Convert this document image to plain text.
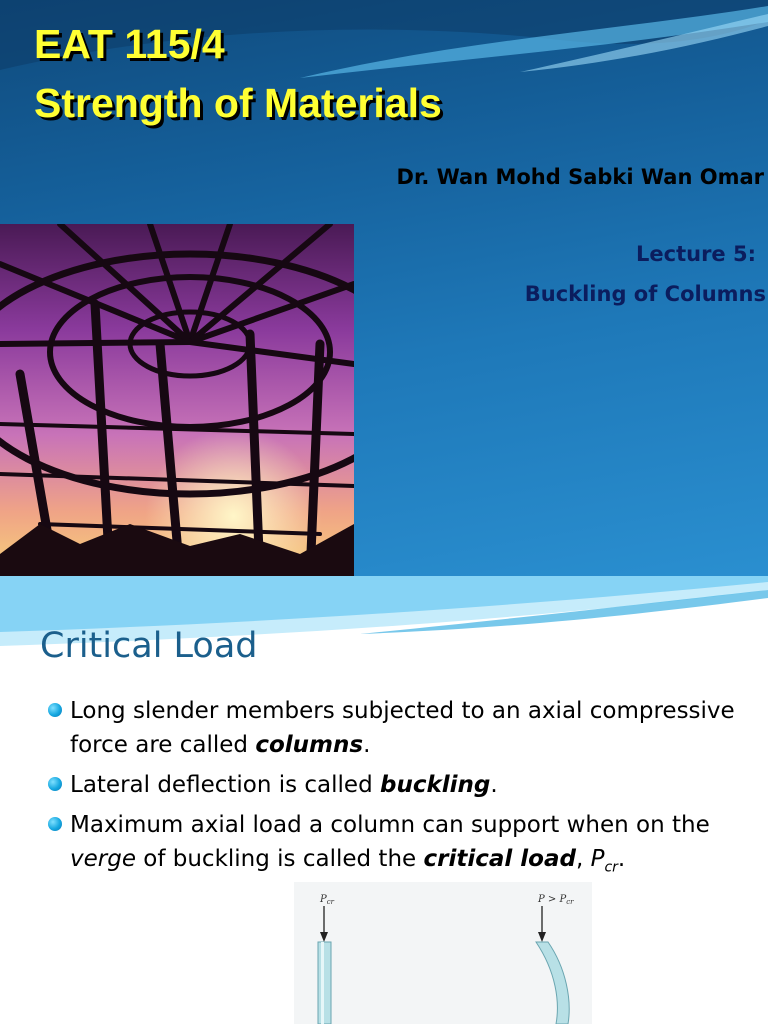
EAT 115/4
Strength of Materials
Dr. Wan Mohd Sabki Wan Omar
Lecture 5:
Buckling of Columns
Critical Load
Long slender members subjected to an axial compressive force are called columns.
Lateral deflection is called buckling.
Maximum axial load a column can support when on the verge of buckling is called the critical load, $P_{cr}$.
$P_{cr}$	$P > P_{cr}$
